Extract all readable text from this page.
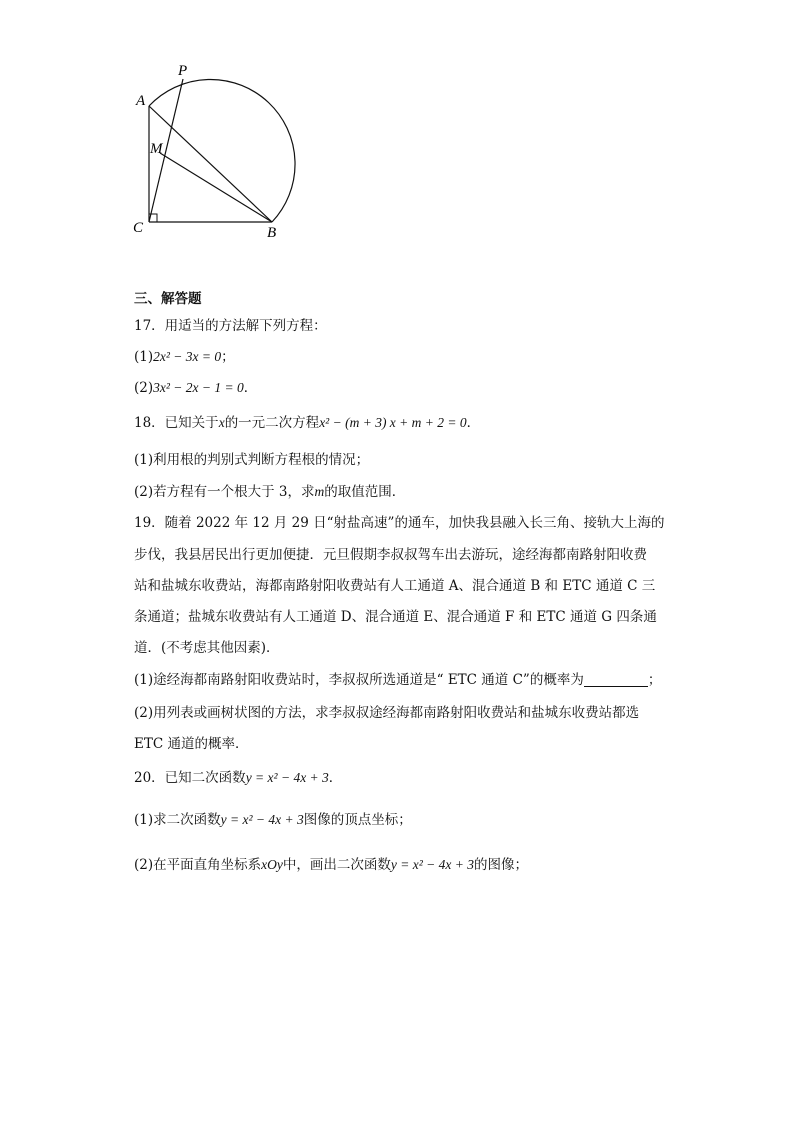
P
A
M
C	B
三、解答题
17．用适当的方法解下列方程：
(1)2x² − 3x = 0；
(2)3x² − 2x − 1 = 0．
18．已知关于x的一元二次方程x² − (m + 3) x + m + 2 = 0．
(1)利用根的判别式判断方程根的情况；
(2)若方程有一个根大于 3，求m的取值范围．
19．随着 2022 年 12 月 29 日“射盐高速”的通车，加快我县融入长三角、接轨大上海的
步伐，我县居民出行更加便捷．元旦假期李叔叔驾车出去游玩，途经海都南路射阳收费
站和盐城东收费站，海都南路射阳收费站有人工通道 A、混合通道 B 和 ETC 通道 C 三
条通道；盐城东收费站有人工通道 D、混合通道 E、混合通道 F 和 ETC 通道 G 四条通
道．(不考虑其他因素)．
(1)途经海都南路射阳收费站时，李叔叔所选通道是“ ETC 通道 C”的概率为	；
(2)用列表或画树状图的方法，求李叔叔途经海都南路射阳收费站和盐城东收费站都选
ETC 通道的概率．
20．已知二次函数y = x² − 4x + 3．
(1)求二次函数y = x² − 4x + 3图像的顶点坐标；
(2)在平面直角坐标系xOy中，画出二次函数y = x² − 4x + 3的图像；
